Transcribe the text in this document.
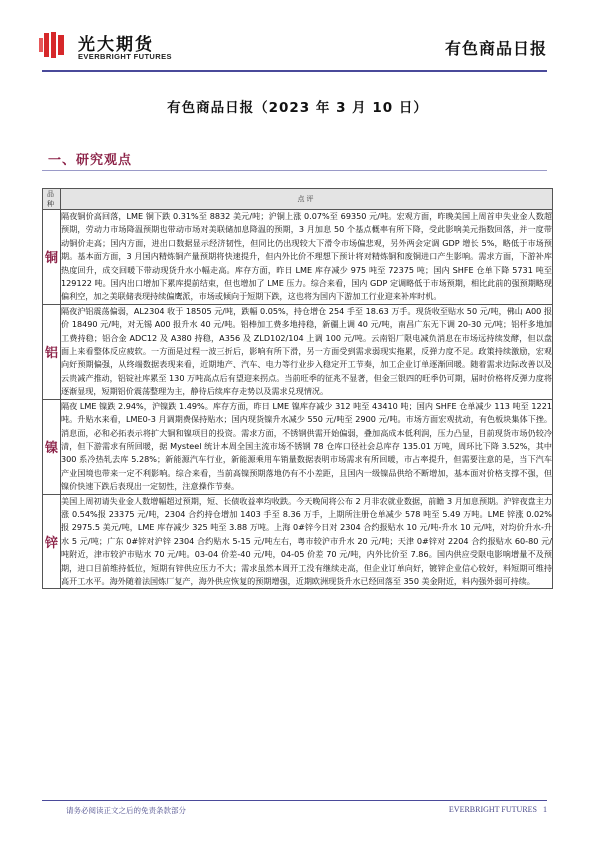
光大期货
EVERBRIGHT FUTURES	有色商品日报
有色商品日报（2023 年 3 月 10 日）
一、研究观点
品种	点评
铜	隔夜铜价高回落，LME 铜下跌 0.31%至 8832 美元/吨；沪铜上涨 0.07%至 69350 元/吨。宏观方面，昨晚美国上周首申失业金人数超预期，劳动力市场降温预期也带动市场对美联储加息降温的预期，3 月加息 50 个基点概率有所下降，受此影响美元指数回落，并一度带动铜价走高；国内方面，进出口数据显示经济韧性，但同比仍出现较大下滑令市场偏悲观，另外两会定调 GDP 增长 5%，略低于市场预期。基本面方面，3 月国内精炼铜产量预期将快速提升，但内外比价不理想下预计将对精炼铜和废铜进口产生影响。需求方面，下游补库热度回升，成交回暖下带动现货升水小幅走高。库存方面，昨日 LME 库存减少 975 吨至 72375 吨；国内 SHFE 仓单下降 5731 吨至 129122 吨。国内出口增加下累库提前结束，但也增加了 LME 压力。综合来看，国内 GDP 定调略低于市场预期，相比此前的强预期略现偏利空，加之美联储表现持续偏鹰派，市场或倾向于短期下跌，这也将为国内下游加工行业迎来补库时机。
铝	隔夜沪铝震荡偏弱，AL2304 收于 18505 元/吨，跌幅 0.05%，持仓增仓 254 手至 18.63 万手。现货收至贴水 50 元/吨，佛山 A00 报价 18490 元/吨，对无锡 A00 报升水 40 元/吨。铝棒加工费多地持稳，新疆上调 40 元/吨，南昌广东无下调 20-30 元/吨；铝杆多地加工费持稳；铝合金 ADC12 及 A380 持稳，A356 及 ZLD102/104 上调 100 元/吨。云南铝厂限电减负消息在市场远持续发酵，但以盘面上来看整体反应疲软。一方面是过程一波三折后，影响有所下滑，另一方面受到需求弱现实拖累，反弹力度不足。政策持续激励，宏观向好预期偏强，从终端数据表现来看，近期地产、汽车、电力等行业步入稳定开工节奏，加工企业订单逐渐回暖。随着需求边际改善以及云贵减产推动，铝锭社库累至 130 万吨高点后有望迎来拐点。当前旺季的征兆不显著，但金三银四的旺季仍可期，届时价格将反弹力度将逐渐显现，短期铝价震荡整理为主，静待后续库存走势以及需求兑现情况。
镍	隔夜 LME 镍跌 2.94%，沪镍跌 1.49%。库存方面，昨日 LME 镍库存减少 312 吨至 43410 吨；国内 SHFE 仓单减少 113 吨至 1221 吨。升贴水来看，LME0-3 月调期费保持贴水；国内现货镍升水减少 550 元/吨至 2900 元/吨。市场方面宏观扰动，有色板块集体下挫。消息面，必和必拓表示将扩大铜和镍项目的投资。需求方面，不锈钢供需开始偏弱，叠加高成本低利润，压力凸显，目前现货市场仍较冷清，但下游需求有所回暖，据 Mysteel 统计本周全国主流市场不锈钢 78 仓库口径社会总库存 135.01 万吨，周环比下降 3.52%，其中 300 系冷热轧去库 5.28%；新能源汽车行业，新能源乘用车销量数据表明市场需求有所回暖，市占率提升，但需要注意的是，当下汽车产业国境也带来一定不利影响。综合来看，当前高镍预期落地仍有不小差距，且国内一级镍品供给不断增加，基本面对价格支撑不强，但镍价快速下跌后表现出一定韧性，注意操作节奏。
锌	美国上周初请失业金人数增幅超过预期，短、长债收益率均收跌。今天晚间将公布 2 月非农就业数据，前瞻 3 月加息预期。沪锌夜盘主力涨 0.54%报 23375 元/吨，2304 合约持仓增加 1403 手至 8.36 万手，上期所注册仓单减少 578 吨至 5.49 万吨。LME 锌涨 0.02%报 2975.5 美元/吨，LME 库存减少 325 吨至 3.88 万吨。上海 0#锌今日对 2304 合约报贴水 10 元/吨-升水 10 元/吨，对均价升水-升水 5 元/吨；广东 0#锌对沪锌 2304 合约贴水 5-15 元/吨左右，粤市较沪市升水 20 元/吨；天津 0#锌对 2204 合约报贴水 60-80 元/吨附近，津市较沪市贴水 70 元/吨。03-04 价差-40 元/吨，04-05 价差 70 元/吨，内外比价至 7.86。国内供应受限电影响增量不及预期，进口目前维持低位，短期有锌供应压力不大；需求虽然本周开工没有继续走高，但企业订单向好，镀锌企业信心较好，料短期可维持高开工水平。海外随着法国炼厂复产，海外供应恢复的预期增强，近期欧洲现货升水已经回落至 350 美金附近，料内强外弱可持续。
请务必阅读正文之后的免责条款部分	EVERBRIGHT FUTURES 1
